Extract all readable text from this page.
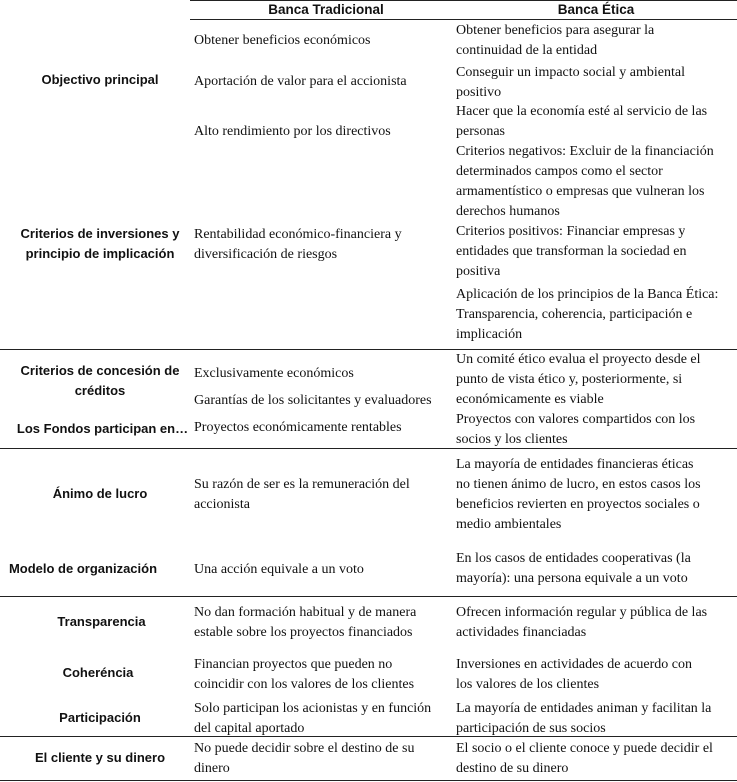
Banca Tradicional	Banca Ética
Objectivo principal
Criterios de inversiones y principio de implicación
Criterios de concesión de créditos
Los Fondos participan en…
Ánimo de lucro
Modelo de organización
Transparencia
Coheréncia
Participación
El cliente y su dinero
Obtener beneficios económicos
Aportación de valor para el accionista
Alto rendimiento por los directivos
Rentabilidad económico-financiera y
diversificación de riesgos
Exclusivamente económicos
Garantías de los solicitantes y evaluadores
Proyectos económicamente rentables
Su razón de ser es la remuneración del
accionista
Una acción equivale a un voto
No dan formación habitual y de manera
estable sobre los proyectos financiados
Financian proyectos que pueden no
coincidir con los valores de los clientes
Solo participan los acionistas y en función
del capital aportado
No puede decidir sobre el destino de su
dinero
Obtener beneficios para asegurar la
continuidad de la entidad
Conseguir un impacto social y ambiental
positivo
Hacer que la economía esté al servicio de las
personas
Criterios negativos: Excluir de la financiación
determinados campos como el sector
armamentístico o empresas que vulneran los
derechos humanos
Criterios positivos: Financiar empresas y
entidades que transforman la sociedad en
positiva
Aplicación de los principios de la Banca Ética:
Transparencia, coherencia, participación e
implicación
Un comité ético evalua el proyecto desde el
punto de vista ético y, posteriormente, si
económicamente es viable
Proyectos con valores compartidos con los
socios y los clientes
La mayoría de entidades financieras éticas
no tienen ánimo de lucro, en estos casos los
beneficios revierten en proyectos sociales o
medio ambientales
En los casos de entidades cooperativas (la
mayoría): una persona equivale a un voto
Ofrecen información regular y pública de las
actividades financiadas
Inversiones en actividades de acuerdo con
los valores de los clientes
La mayoría de entidades animan y facilitan la
participación de sus socios
El socio o el cliente conoce y puede decidir el
destino de su dinero
